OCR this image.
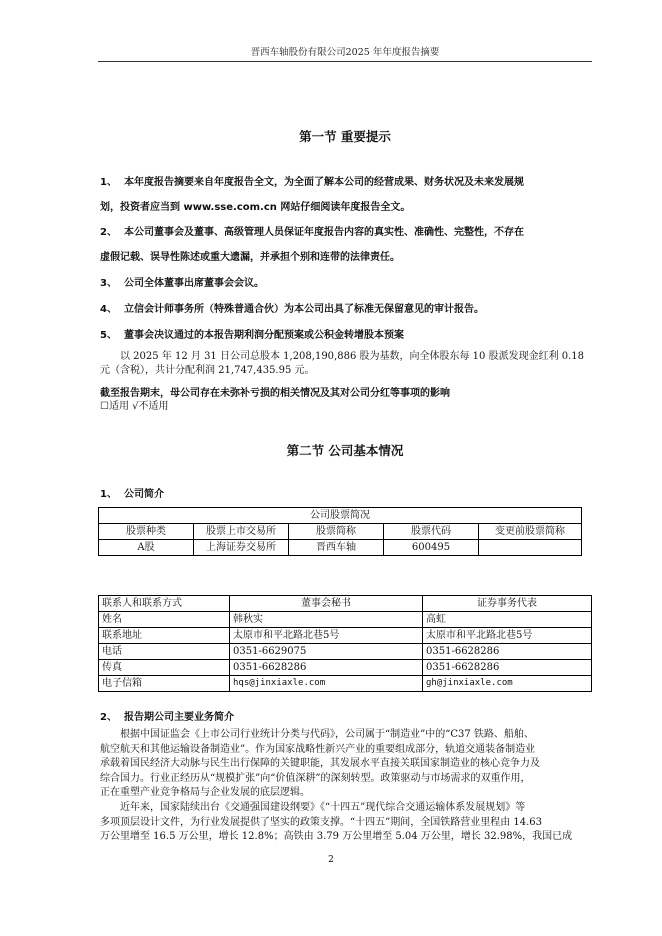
晋西车轴股份有限公司2025 年年度报告摘要
第一节 重要提示
1、 本年度报告摘要来自年度报告全文，为全面了解本公司的经营成果、财务状况及未来发展规
划，投资者应当到 www.sse.com.cn 网站仔细阅读年度报告全文。
2、 本公司董事会及董事、高级管理人员保证年度报告内容的真实性、准确性、完整性，不存在
虚假记载、误导性陈述或重大遗漏，并承担个别和连带的法律责任。
3、 公司全体董事出席董事会会议。
4、 立信会计师事务所（特殊普通合伙）为本公司出具了标准无保留意见的审计报告。
5、 董事会决议通过的本报告期利润分配预案或公积金转增股本预案
以 2025 年 12 月 31 日公司总股本 1,208,190,886 股为基数，向全体股东每 10 股派发现金红利 0.18
元（含税），共计分配利润 21,747,435.95 元。
截至报告期末，母公司存在未弥补亏损的相关情况及其对公司分红等事项的影响
☐适用 √不适用
第二节 公司基本情况
1、 公司简介
公司股票简况				
股票种类	股票上市交易所	股票简称	股票代码	变更前股票简称
A股	上海证券交易所	晋西车轴	600495	
联系人和联系方式	董事会秘书	证券事务代表
姓名	韩秋实	高虹
联系地址	太原市和平北路北巷5号	太原市和平北路北巷5号
电话	0351-6629075	0351-6628286
传真	0351-6628286	0351-6628286
电子信箱	hqs@jinxiaxle.com	gh@jinxiaxle.com
2、 报告期公司主要业务简介
　　根据中国证监会《上市公司行业统计分类与代码》，公司属于“制造业”中的“C37 铁路、船舶、
航空航天和其他运输设备制造业”。作为国家战略性新兴产业的重要组成部分，轨道交通装备制造业
承载着国民经济大动脉与民生出行保障的关键职能，其发展水平直接关联国家制造业的核心竞争力及
综合国力。行业正经历从“规模扩张”向“价值深耕”的深刻转型。政策驱动与市场需求的双重作用，
正在重塑产业竞争格局与企业发展的底层逻辑。
　　近年来，国家陆续出台《交通强国建设纲要》《“十四五”现代综合交通运输体系发展规划》等
多项顶层设计文件，为行业发展提供了坚实的政策支撑。“十四五”期间，全国铁路营业里程由 14.63
万公里增至 16.5 万公里，增长 12.8%；高铁由 3.79 万公里增至 5.04 万公里，增长 32.98%，我国已成
2
